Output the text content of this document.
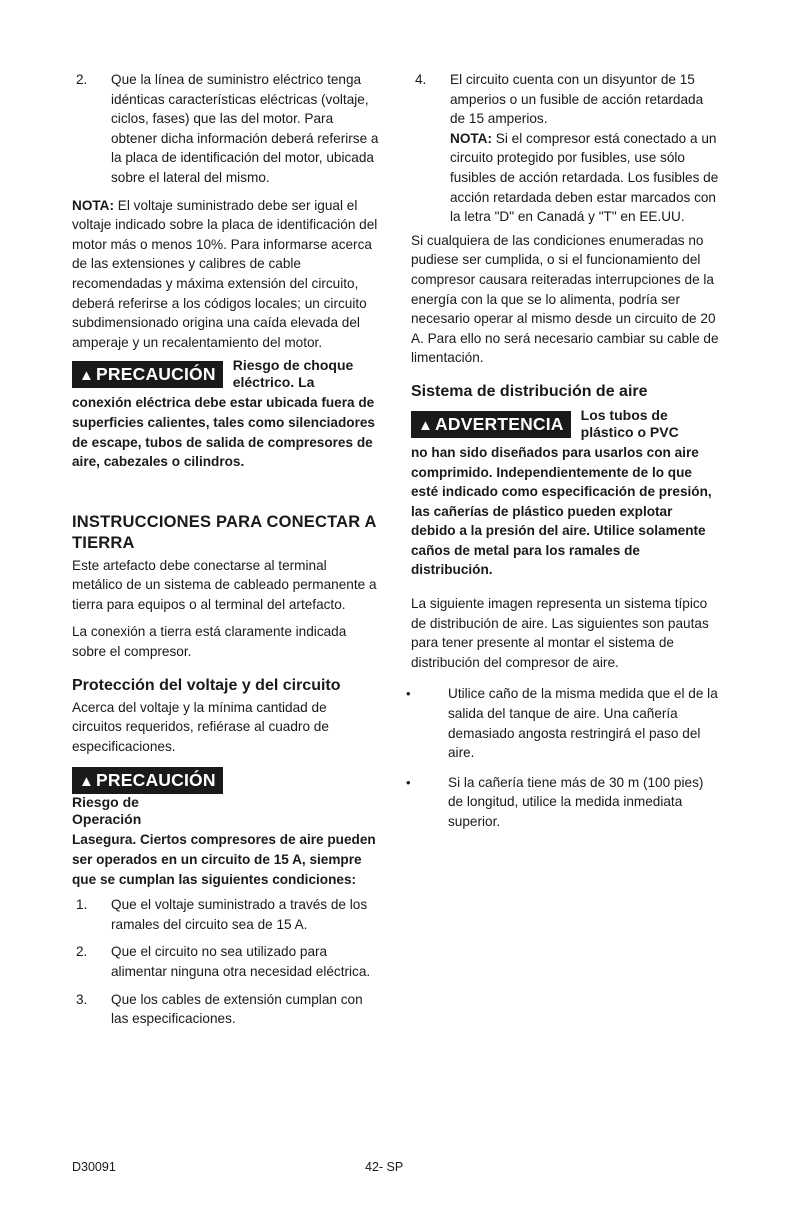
2. Que la línea de suministro eléctrico tenga idénticas características eléctricas (voltaje, ciclos, fases) que las del motor. Para obtener dicha información deberá referirse a la placa de identificación del motor, ubicada sobre el lateral del mismo.

NOTA: El voltaje suministrado debe ser igual el voltaje indicado sobre la placa de identificación del motor más o menos 10%. Para informarse acerca de las extensiones y calibres de cable recomendadas y máxima extensión del circuito, deberá referirse a los códigos locales; un circuito subdimensionado origina una caída elevada del amperaje y un recalentamiento del motor.

▲ PRECAUCIÓN	Riesgo de choque eléctrico. La
conexión eléctrica debe estar ubicada fuera de superficies calientes, tales como silenciadores de escape, tubos de salida de compresores de aire, cabezales o cilindros.
INSTRUCCIONES PARA CONECTAR A TIERRA

Este artefacto debe conectarse al terminal metálico de un sistema de cableado permanente a tierra para equipos o al terminal del artefacto.

La conexión a tierra está claramente indicada sobre el compresor.

Protección del voltaje y del circuito

Acerca del voltaje y la mínima cantidad de circuitos requeridos, refiérase al cuadro de especificaciones.

▲ PRECAUCIÓN
Riesgo de Operación
Lasegura. Ciertos compresores de aire pueden ser operados en un circuito de 15 A, siempre que se cumplan las siguientes condiciones:
1. Que el voltaje suministrado a través de los ramales del circuito sea de 15 A.
2. Que el circuito no sea utilizado para alimentar ninguna otra necesidad eléctrica.
3. Que los cables de extensión cumplan con las especificaciones.
4. El circuito cuenta con un disyuntor de 15 amperios o un fusible de acción retardada de 15 amperios.
NOTA: Si el compresor está conectado a un circuito protegido por fusibles, use sólo fusibles de acción retardada. Los fusibles de acción retardada deben estar marcados con la letra "D" en Canadá y "T" en EE.UU.

Si cualquiera de las condiciones enumeradas no pudiese ser cumplida, o si el funcionamiento del compresor causara reiteradas interrupciones de la energía con la que se lo alimenta, podría ser necesario operar al mismo desde un circuito de 20 A. Para ello no será necesario cambiar su cable de limentación.

Sistema de distribución de aire
▲ ADVERTENCIA	Los tubos de plástico o PVC
no han sido diseñados para usarlos con aire comprimido. Independientemente de lo que esté indicado como especificación de presión, las cañerías de plástico pueden explotar debido a la presión del aire. Utilice solamente caños de metal para los ramales de distribución.

La siguiente imagen representa un sistema típico de distribución de aire. Las siguientes son pautas para tener presente al montar el sistema de distribución del compresor de aire.

•	Utilice caño de la misma medida que el de la salida del tanque de aire. Una cañería demasiado angosta restringirá el paso del aire.
•	Si la cañería tiene más de 30 m (100 pies) de longitud, utilice la medida inmediata superior.
D30091	42- SP
